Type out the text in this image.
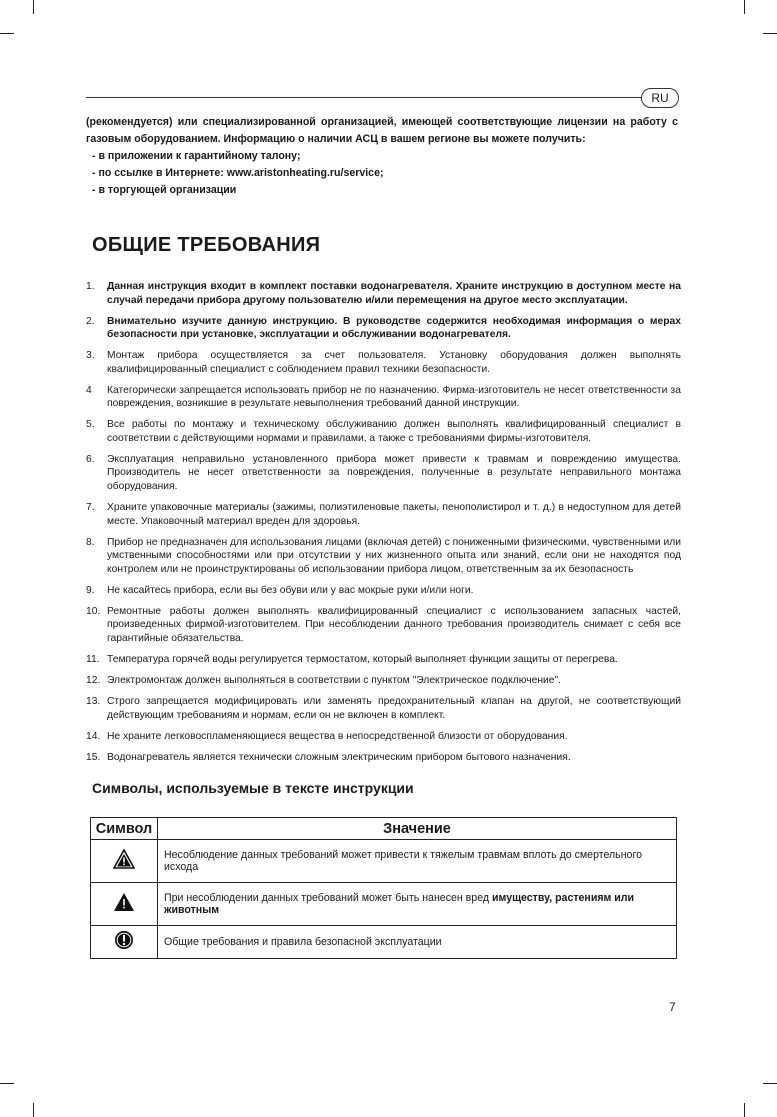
RU

(рекомендуется) или специализированной организацией, имеющей соответствующие лицензии на работу с газовым оборудованием. Информацию о наличии АСЦ в вашем регионе вы можете получить:

- в приложении к гарантийному талону;
- по ссылке в Интернете: www.aristonheating.ru/service;
- в торгующей организации
ОБЩИЕ ТРЕБОВАНИЯ
1.	Данная инструкция входит в комплект поставки водонагревателя. Храните инструкцию в доступном месте на случай передачи прибора другому пользователю и/или перемещения на другое место эксплуатации.
2.	Внимательно изучите данную инструкцию. В руководстве содержится необходимая информация о мерах безопасности при установке, эксплуатации и обслуживании водонагревателя.
3.	Монтаж прибора осуществляется за счет пользователя. Установку оборудования должен выполнять квалифицированный специалист с соблюдением правил техники безопасности.
4	Категорически запрещается использовать прибор не по назначению. Фирма-изготовитель не несет ответственности за повреждения, возникшие в результате невыполнения требований данной инструкции.
5.	Все работы по монтажу и техническому обслуживанию должен выполнять квалифицированный специалист в соответствии с действующими нормами и правилами, а также с требованиями фирмы-изготовителя.
6.	Эксплуатация неправильно установленного прибора может привести к травмам и повреждению имущества. Производитель не несет ответственности за повреждения, полученные в результате неправильного монтажа оборудования.
7.	Храните упаковочные материалы (зажимы, полиэтиленовые пакеты, пенополистирол и т. д.) в недоступном для детей месте. Упаковочный материал вреден для здоровья.
8.	Прибор не предназначен для использования лицами (включая детей) с пониженными физическими, чувственными или умственными способностями или при отсутствии у них жизненного опыта или знаний, если они не находятся под контролем или не проинструктированы об использовании прибора лицом, ответственным за их безопасность
9.	Не касайтесь прибора, если вы без обуви или у вас мокрые руки и/или ноги.
10. Ремонтные работы должен выполнять квалифицированный специалист с использованием запасных частей, произведенных фирмой-изготовителем. При несоблюдении данного требования производитель снимает с себя все гарантийные обязательства.
11. Температура горячей воды регулируется термостатом, который выполняет функции защиты от перегрева.
12. Электромонтаж должен выполняться в соответствии с пунктом "Электрическое подключение".
13. Строго запрещается модифицировать или заменять предохранительный клапан на другой, не соответствующий действующим требованиям и нормам, если он не включен в комплект.
14. Не храните легковоспламеняющиеся вещества в непосредственной близости от оборудования.
15. Водонагреватель является технически сложным электрическим прибором бытового назначения.
Символы, используемые в тексте инструкции
Символ	Значение
	Несоблюдение данных требований может привести к тяжелым травмам вплоть до смертельного исхода
	При несоблюдении данных требований может быть нанесен вред имуществу, растениям или животным
	Общие требования и правила безопасной эксплуатации
7
